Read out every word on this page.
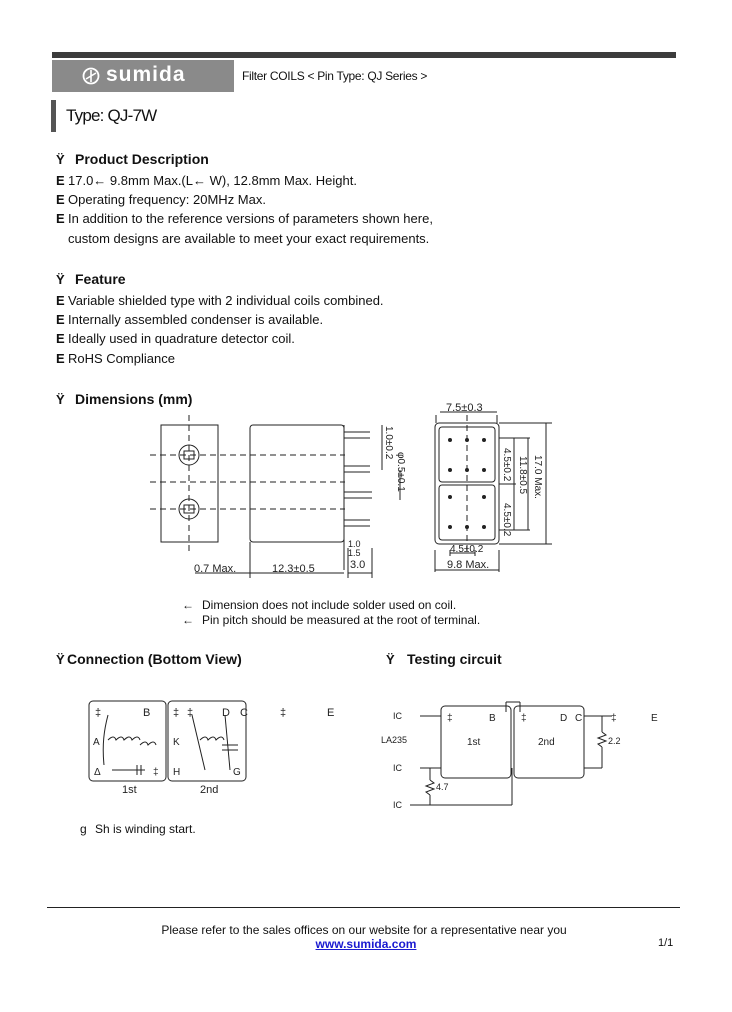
sumida	Filter COILS < Pin Type: QJ Series >
Type: QJ-7W
Ÿ Product Description
E 17.0← 9.8mm Max.(L← W), 12.8mm Max. Height.
E Operating frequency: 20MHz Max.
E In addition to the reference versions of parameters shown here,
custom designs are available to meet your exact requirements.
Ÿ Feature
E Variable shielded type with 2 individual coils combined.
E Internally assembled condenser is available.
E Ideally used in quadrature detector coil.
E RoHS Compliance
Ÿ Dimensions (mm)
0.7 Max.	12.3±0.5	3.0
1.5
1.0
1.0±0.2
φ0.5±0.1
7.5±0.3
4.5±0.2
4.5±0.2
11.8±0.5 17.0 Max.
4.5±0.2
9.8 Max.
← Dimension does not include solder used on coil.
← Pin pitch should be measured at the root of terminal.
Ÿ Connection (Bottom View)
‡	B
Α
Δ	‡
‡ ‡
K
D C
H	G
‡	E
1st	2nd
g Sh is winding start.
Ÿ Testing circuit
IC
LA235
IC
IC
4.7
2.2
1st	2nd
‡	B	‡	D C	‡	E
Please refer to the sales offices on our website for a representative near you
www.sumida.com	1/1
